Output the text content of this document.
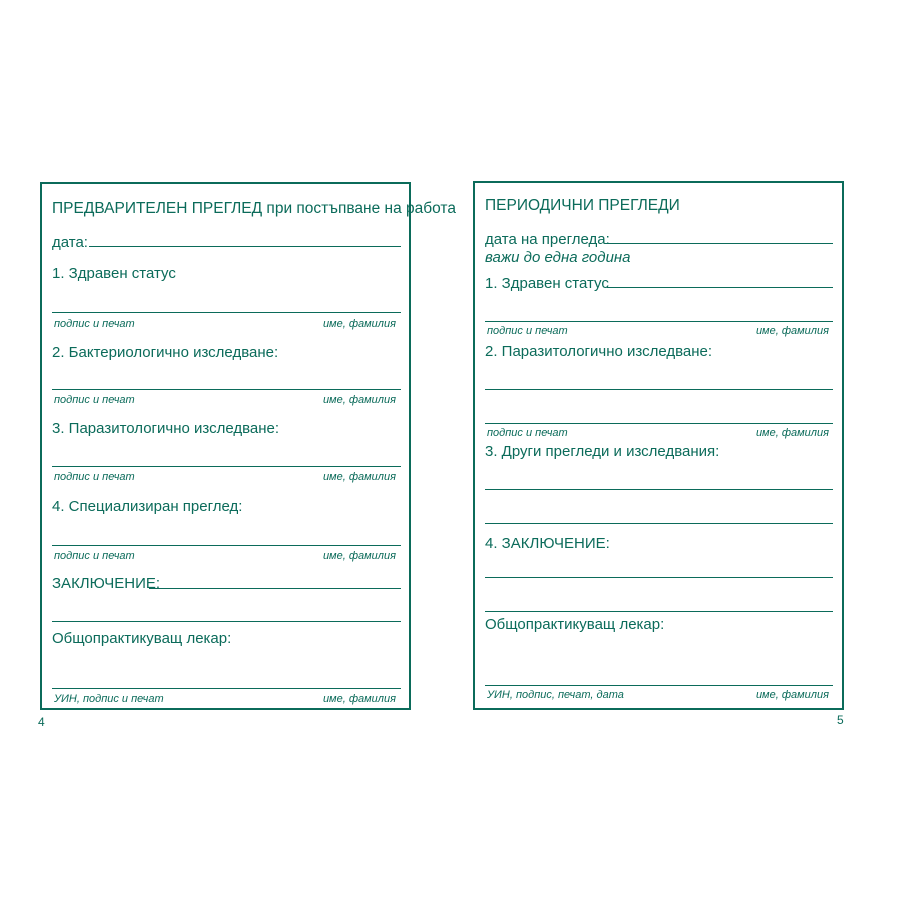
ПРЕДВАРИТЕЛЕН ПРЕГЛЕД при постъпване на работа
дата:
1. Здравен статус
подпис и печат	име, фамилия
2. Бактериологично изследване:
подпис и печат	име, фамилия
3. Паразитологично изследване:
подпис и печат	име, фамилия
4. Специализиран преглед:
подпис и печат	име, фамилия
ЗАКЛЮЧЕНИЕ:
Общопрактикуващ лекар:
УИН, подпис и печат	име, фамилия
4
ПЕРИОДИЧНИ ПРЕГЛЕДИ
дата на прегледа:
важи до една година
1. Здравен статус
подпис и печат	име, фамилия
2. Паразитологично изследване:
подпис и печат	име, фамилия
3. Други прегледи и изследвания:
4. ЗАКЛЮЧЕНИЕ:
Общопрактикуващ лекар:
УИН, подпис, печат, дата	име, фамилия
5
